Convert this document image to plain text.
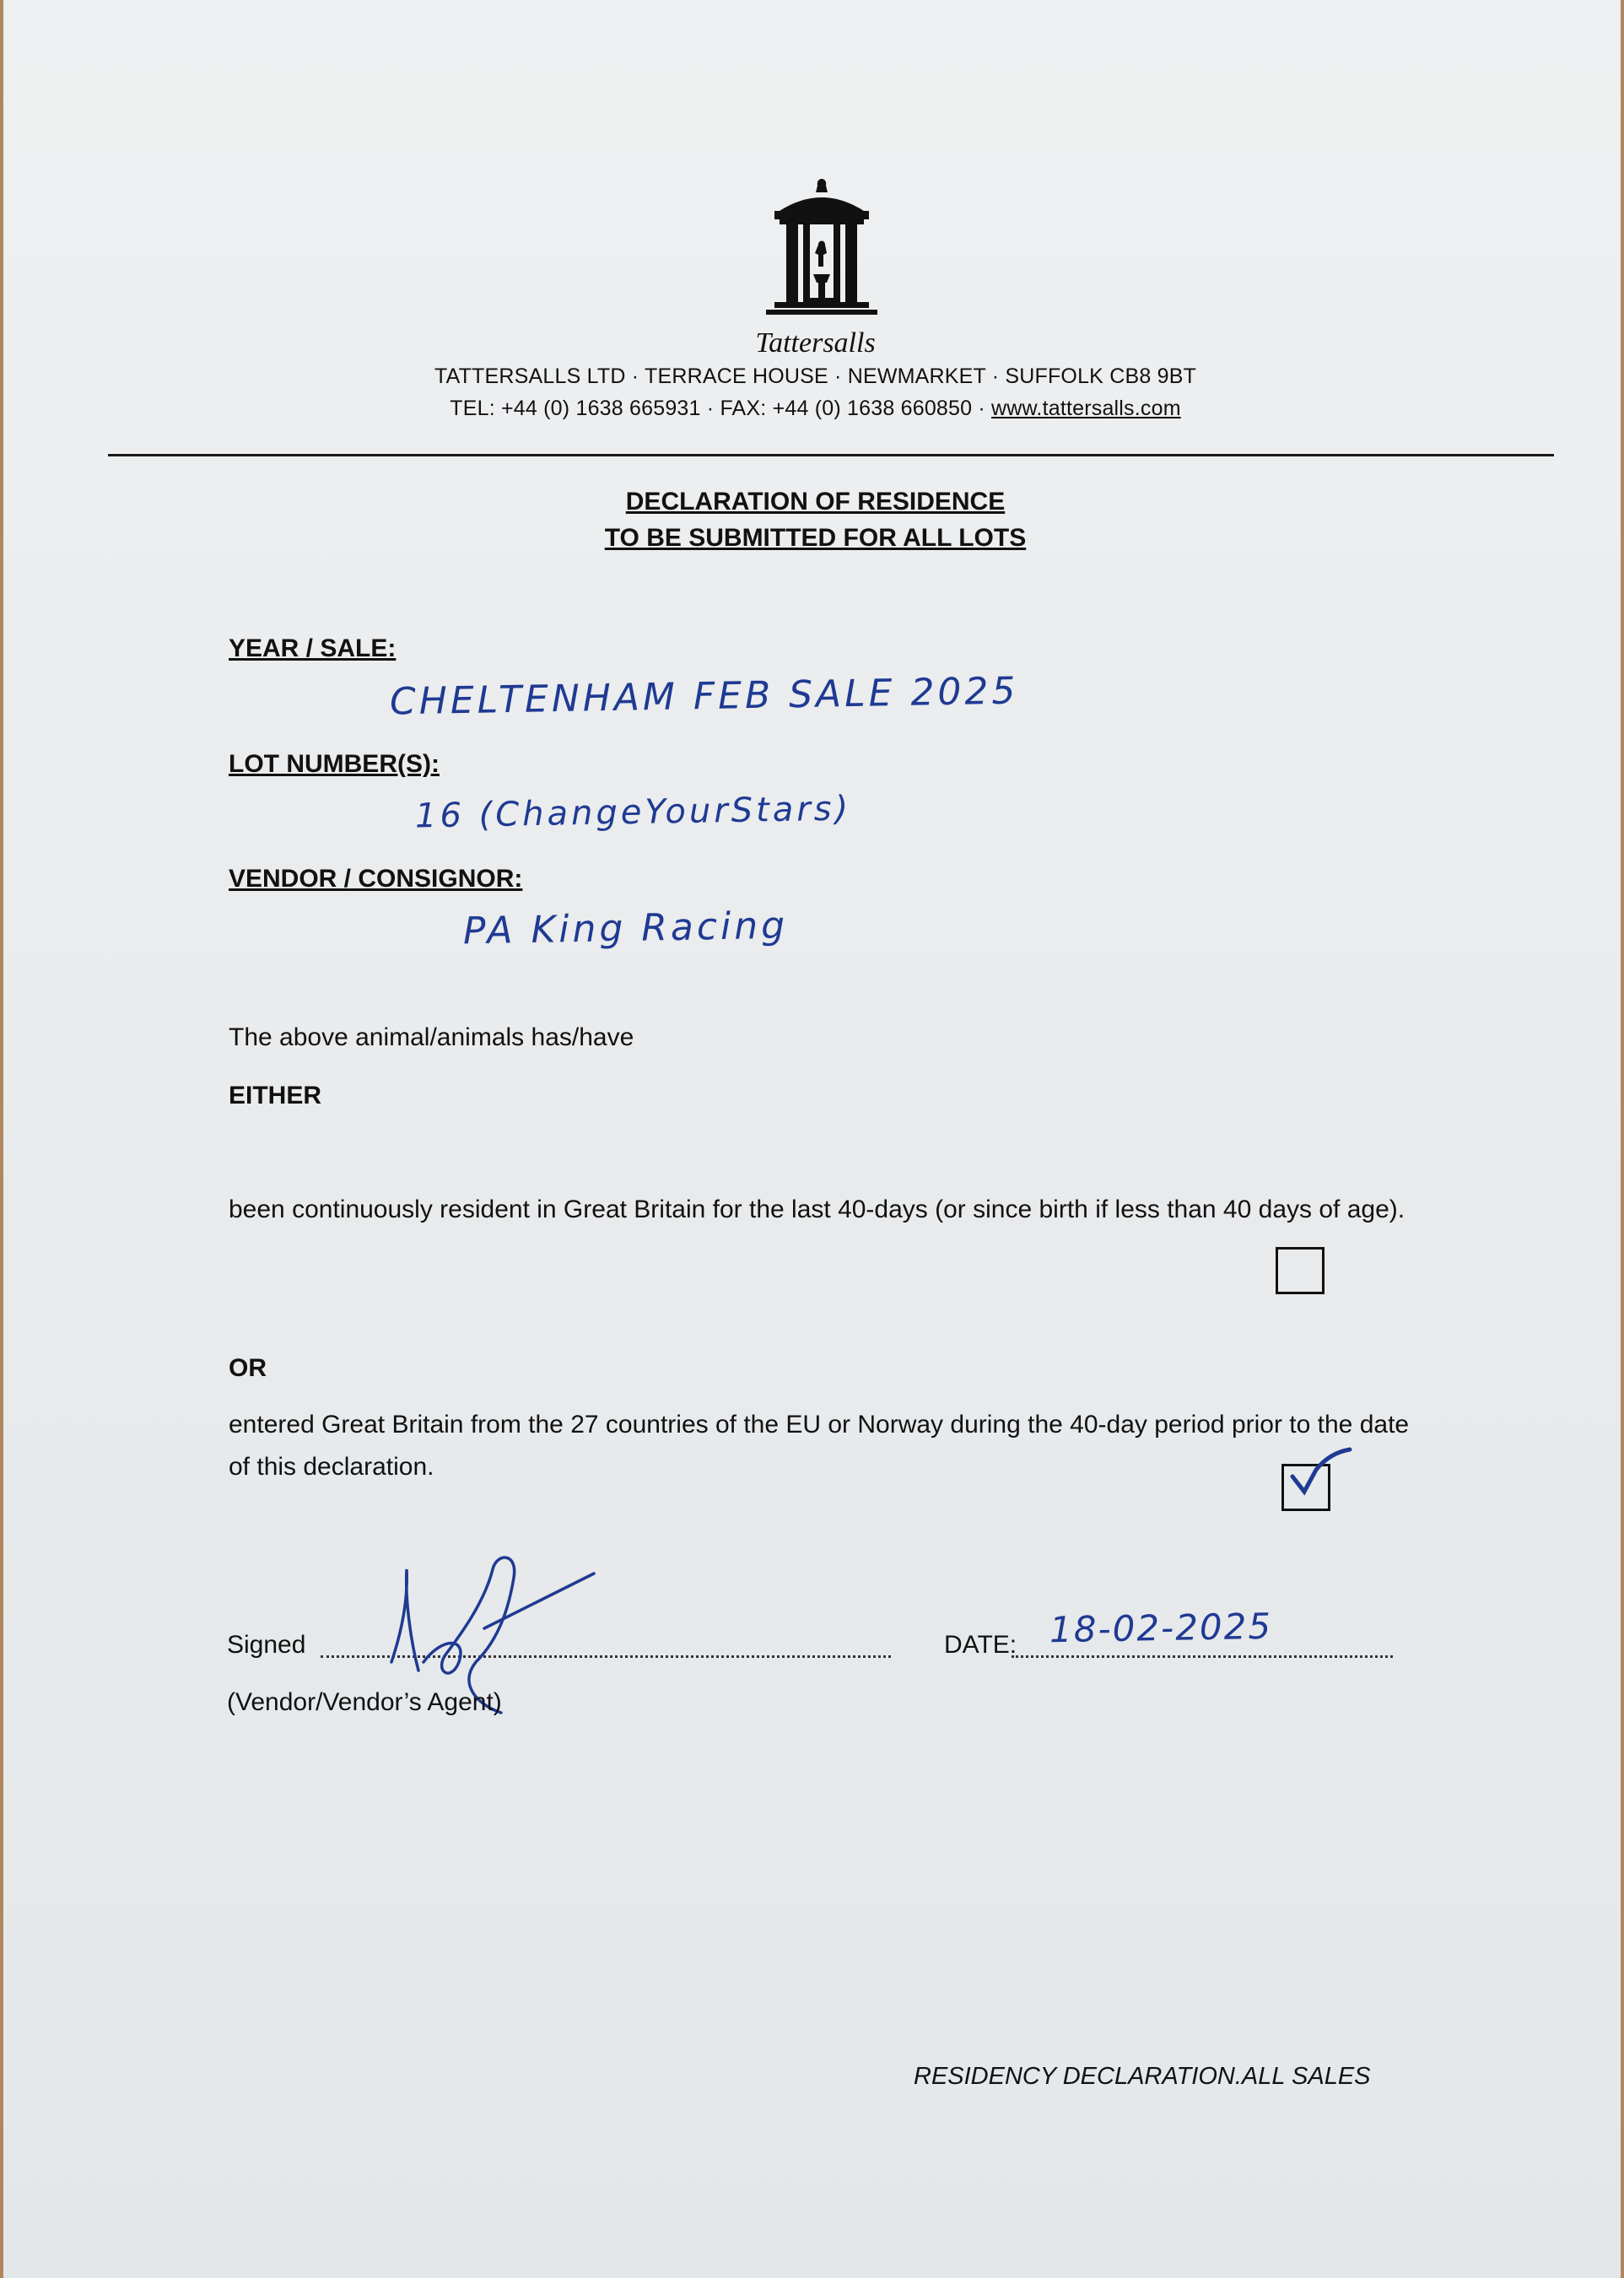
Tattersalls
TATTERSALLS LTD · TERRACE HOUSE · NEWMARKET · SUFFOLK CB8 9BT
TEL: +44 (0) 1638 665931 · FAX: +44 (0) 1638 660850 · www.tattersalls.com
DECLARATION OF RESIDENCE
TO BE SUBMITTED FOR ALL LOTS
YEAR / SALE:
CHELTENHAM FEB SALE 2025
LOT NUMBER(S):
16 (ChangeYourStars)
VENDOR / CONSIGNOR:
PA King Racing
The above animal/animals has/have
EITHER
been continuously resident in Great Britain for the last 40-days (or since birth if less than 40 days of age).
OR
entered Great Britain from the 27 countries of the EU or Norway during the 40-day period prior to the date of this declaration.
Signed
(Vendor/Vendor’s Agent)
DATE: 18-02-2025
RESIDENCY DECLARATION.ALL SALES
